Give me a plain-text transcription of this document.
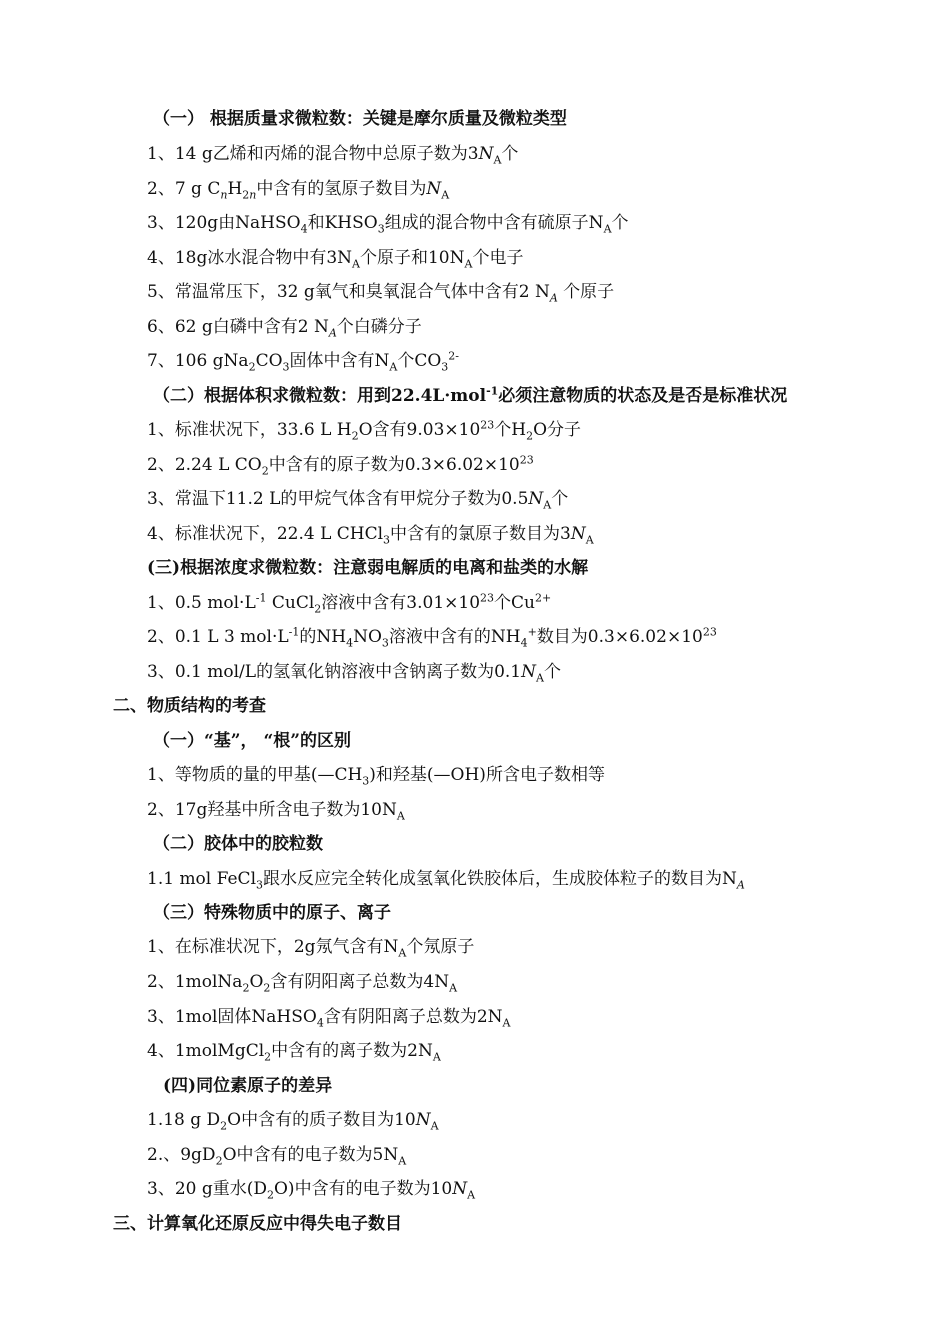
（一） 根据质量求微粒数：关键是摩尔质量及微粒类型
1、14 g乙烯和丙烯的混合物中总原子数为$3N_A$个
2、7 g $C_nH_{2n}$中含有的氢原子数目为$N_A$
3、120g由NaHSO$_4$和$KHSO_3$组成的混合物中含有硫原子$N_A$个
4、18g冰水混合物中有$3N_A$个原子和$10N_A$个电子
5、常温常压下，32 g氧气和臭氧混合气体中含有2 $N_A$ 个原子
6、62 g白磷中含有2 $N_A$个白磷分子
7、106 $gNa_2CO_3$固体中含有$N_A$个$CO_3^{2-}$
（二）根据体积求微粒数：用到22.4L·mol$^{-1}$必须注意物质的状态及是否是标准状况
1、标准状况下，33.6 L $H_2O$含有$9.03\times 10^{23}$个$H_2O$分子
2、2.24 L $CO_2$中含有的原子数为$0.3\times 6.02\times 10^{23}$
3、常温下11.2 L的甲烷气体含有甲烷分子数为$0.5N_A$个
4、标准状况下，22.4 L CHCl$_3$中含有的氯原子数目为$3N_A$
(三)根据浓度求微粒数：注意弱电解质的电离和盐类的水解
1、0.5 $mol\cdot L^{-1}$ CuCl$_2$溶液中含有$3.01\times 10^{23}$个$Cu^{2+}$
2、0.1 L 3 $mol\cdot L^{-1}$的$NH_4NO_3$溶液中含有的$NH_4^+$数目为$0.3\times 6.02\times 10^{23}$
3、0.1 mol/L的氢氧化钠溶液中含钠离子数为$0.1N_A$个
二、物质结构的考查
（一）“基”， “根”的区别
1、等物质的量的甲基$(—CH_3)$和羟基(—OH)所含电子数相等
2、17g羟基中所含电子数为$10N_A$
（二）胶体中的胶粒数
1.1 mol FeCl$_3$跟水反应完全转化成氢氧化铁胶体后，生成胶体粒子的数目为$N_A$
（三）特殊物质中的原子、离子
1、在标准状况下，2g氖气含有$N_A$个氖原子
2、$1molNa_2O_2$含有阴阳离子总数为$4N_A$
3、1mol固体NaHSO$_4$含有阴阳离子总数为$2N_A$
4、1molMgCl$_2$中含有的离子数为$2N_A$
(四)同位素原子的差异
1.18 g $D_2O$中含有的质子数目为$10N_A$
2.、$9gD_2O$中含有的电子数为$5N_A$
3、20 g重水$(D_2O)$中含有的电子数为$10N_A$
三、计算氧化还原反应中得失电子数目
